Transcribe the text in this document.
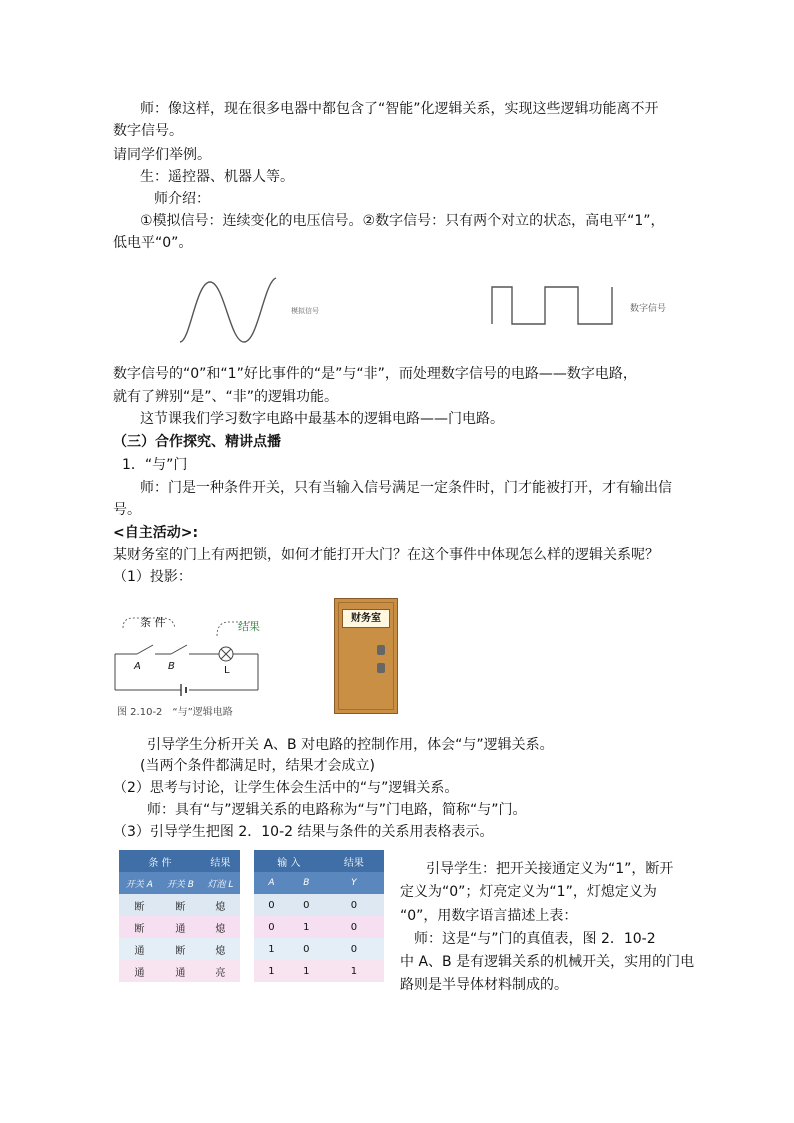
师：像这样，现在很多电器中都包含了“智能”化逻辑关系，实现这些逻辑功能离不开
数字信号。
请同学们举例。
生：遥控器、机器人等。
师介绍：
①模拟信号：连续变化的电压信号。②数字信号：只有两个对立的状态，高电平“1”，
低电平“0”。
模拟信号	数字信号
数字信号的“0”和“1”好比事件的“是”与“非”，而处理数字信号的电路——数字电路，
就有了辨别“是”、“非”的逻辑功能。
这节课我们学习数字电路中最基本的逻辑电路——门电路。
（三）合作探究、精讲点播
1．“与”门
师：门是一种条件开关，只有当输入信号满足一定条件时，门才能被打开，才有输出信
号。
<自主活动>:
某财务室的门上有两把锁，如何才能打开大门？在这个事件中体现怎么样的逻辑关系呢？
（1）投影：
条 件	结果
A	B	L
图 2.10-2　“与”逻辑电路
财务室
引导学生分析开关 A、B 对电路的控制作用，体会“与”逻辑关系。
(当两个条件都满足时，结果才会成立)
（2）思考与讨论，让学生体会生活中的“与”逻辑关系。
师：具有“与”逻辑关系的电路称为“与”门电路，简称“与”门。
（3）引导学生把图 2．10-2 结果与条件的关系用表格表示。
条 件		结果
开关 A	开关 B	灯泡 L
断	断	熄
断	通	熄
通	断	熄
通	通	亮
输 入		结果
A	B	Y
0	0	0
0	1	0
1	0	0
1	1	1
引导学生：把开关接通定义为“1”，断开
定义为“0”；灯亮定义为“1”，灯熄定义为
“0”，用数字语言描述上表：
师：这是“与”门的真值表，图 2．10-2
中 A、B 是有逻辑关系的机械开关，实用的门电
路则是半导体材料制成的。
